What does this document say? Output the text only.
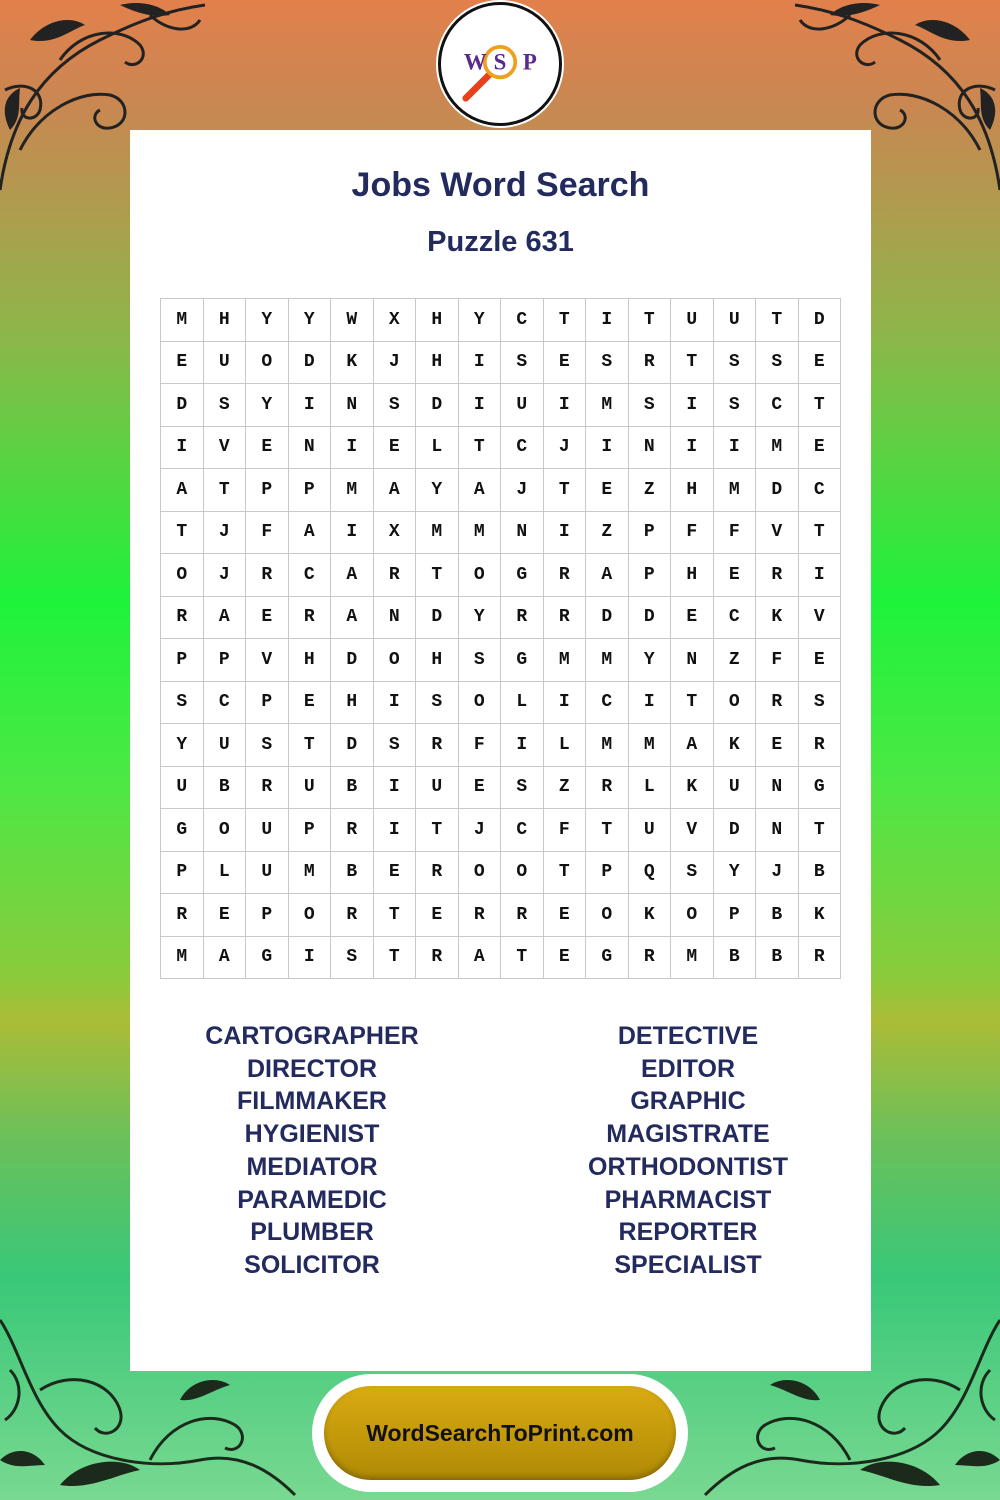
W S P
Jobs Word Search
Puzzle 631
M	H	Y	Y	W	X	H	Y	C	T	I	T	U	U	T	D
E	U	O	D	K	J	H	I	S	E	S	R	T	S	S	E
D	S	Y	I	N	S	D	I	U	I	M	S	I	S	C	T
I	V	E	N	I	E	L	T	C	J	I	N	I	I	M	E
A	T	P	P	M	A	Y	A	J	T	E	Z	H	M	D	C
T	J	F	A	I	X	M	M	N	I	Z	P	F	F	V	T
O	J	R	C	A	R	T	O	G	R	A	P	H	E	R	I
R	A	E	R	A	N	D	Y	R	R	D	D	E	C	K	V
P	P	V	H	D	O	H	S	G	M	M	Y	N	Z	F	E
S	C	P	E	H	I	S	O	L	I	C	I	T	O	R	S
Y	U	S	T	D	S	R	F	I	L	M	M	A	K	E	R
U	B	R	U	B	I	U	E	S	Z	R	L	K	U	N	G
G	O	U	P	R	I	T	J	C	F	T	U	V	D	N	T
P	L	U	M	B	E	R	O	O	T	P	Q	S	Y	J	B
R	E	P	O	R	T	E	R	R	E	O	K	O	P	B	K
M	A	G	I	S	T	R	A	T	E	G	R	M	B	B	R
CARTOGRAPHER
DIRECTOR
FILMMAKER
HYGIENIST
MEDIATOR
PARAMEDIC
PLUMBER
SOLICITOR
DETECTIVE
EDITOR
GRAPHIC
MAGISTRATE
ORTHODONTIST
PHARMACIST
REPORTER
SPECIALIST
WordSearchToPrint.com
